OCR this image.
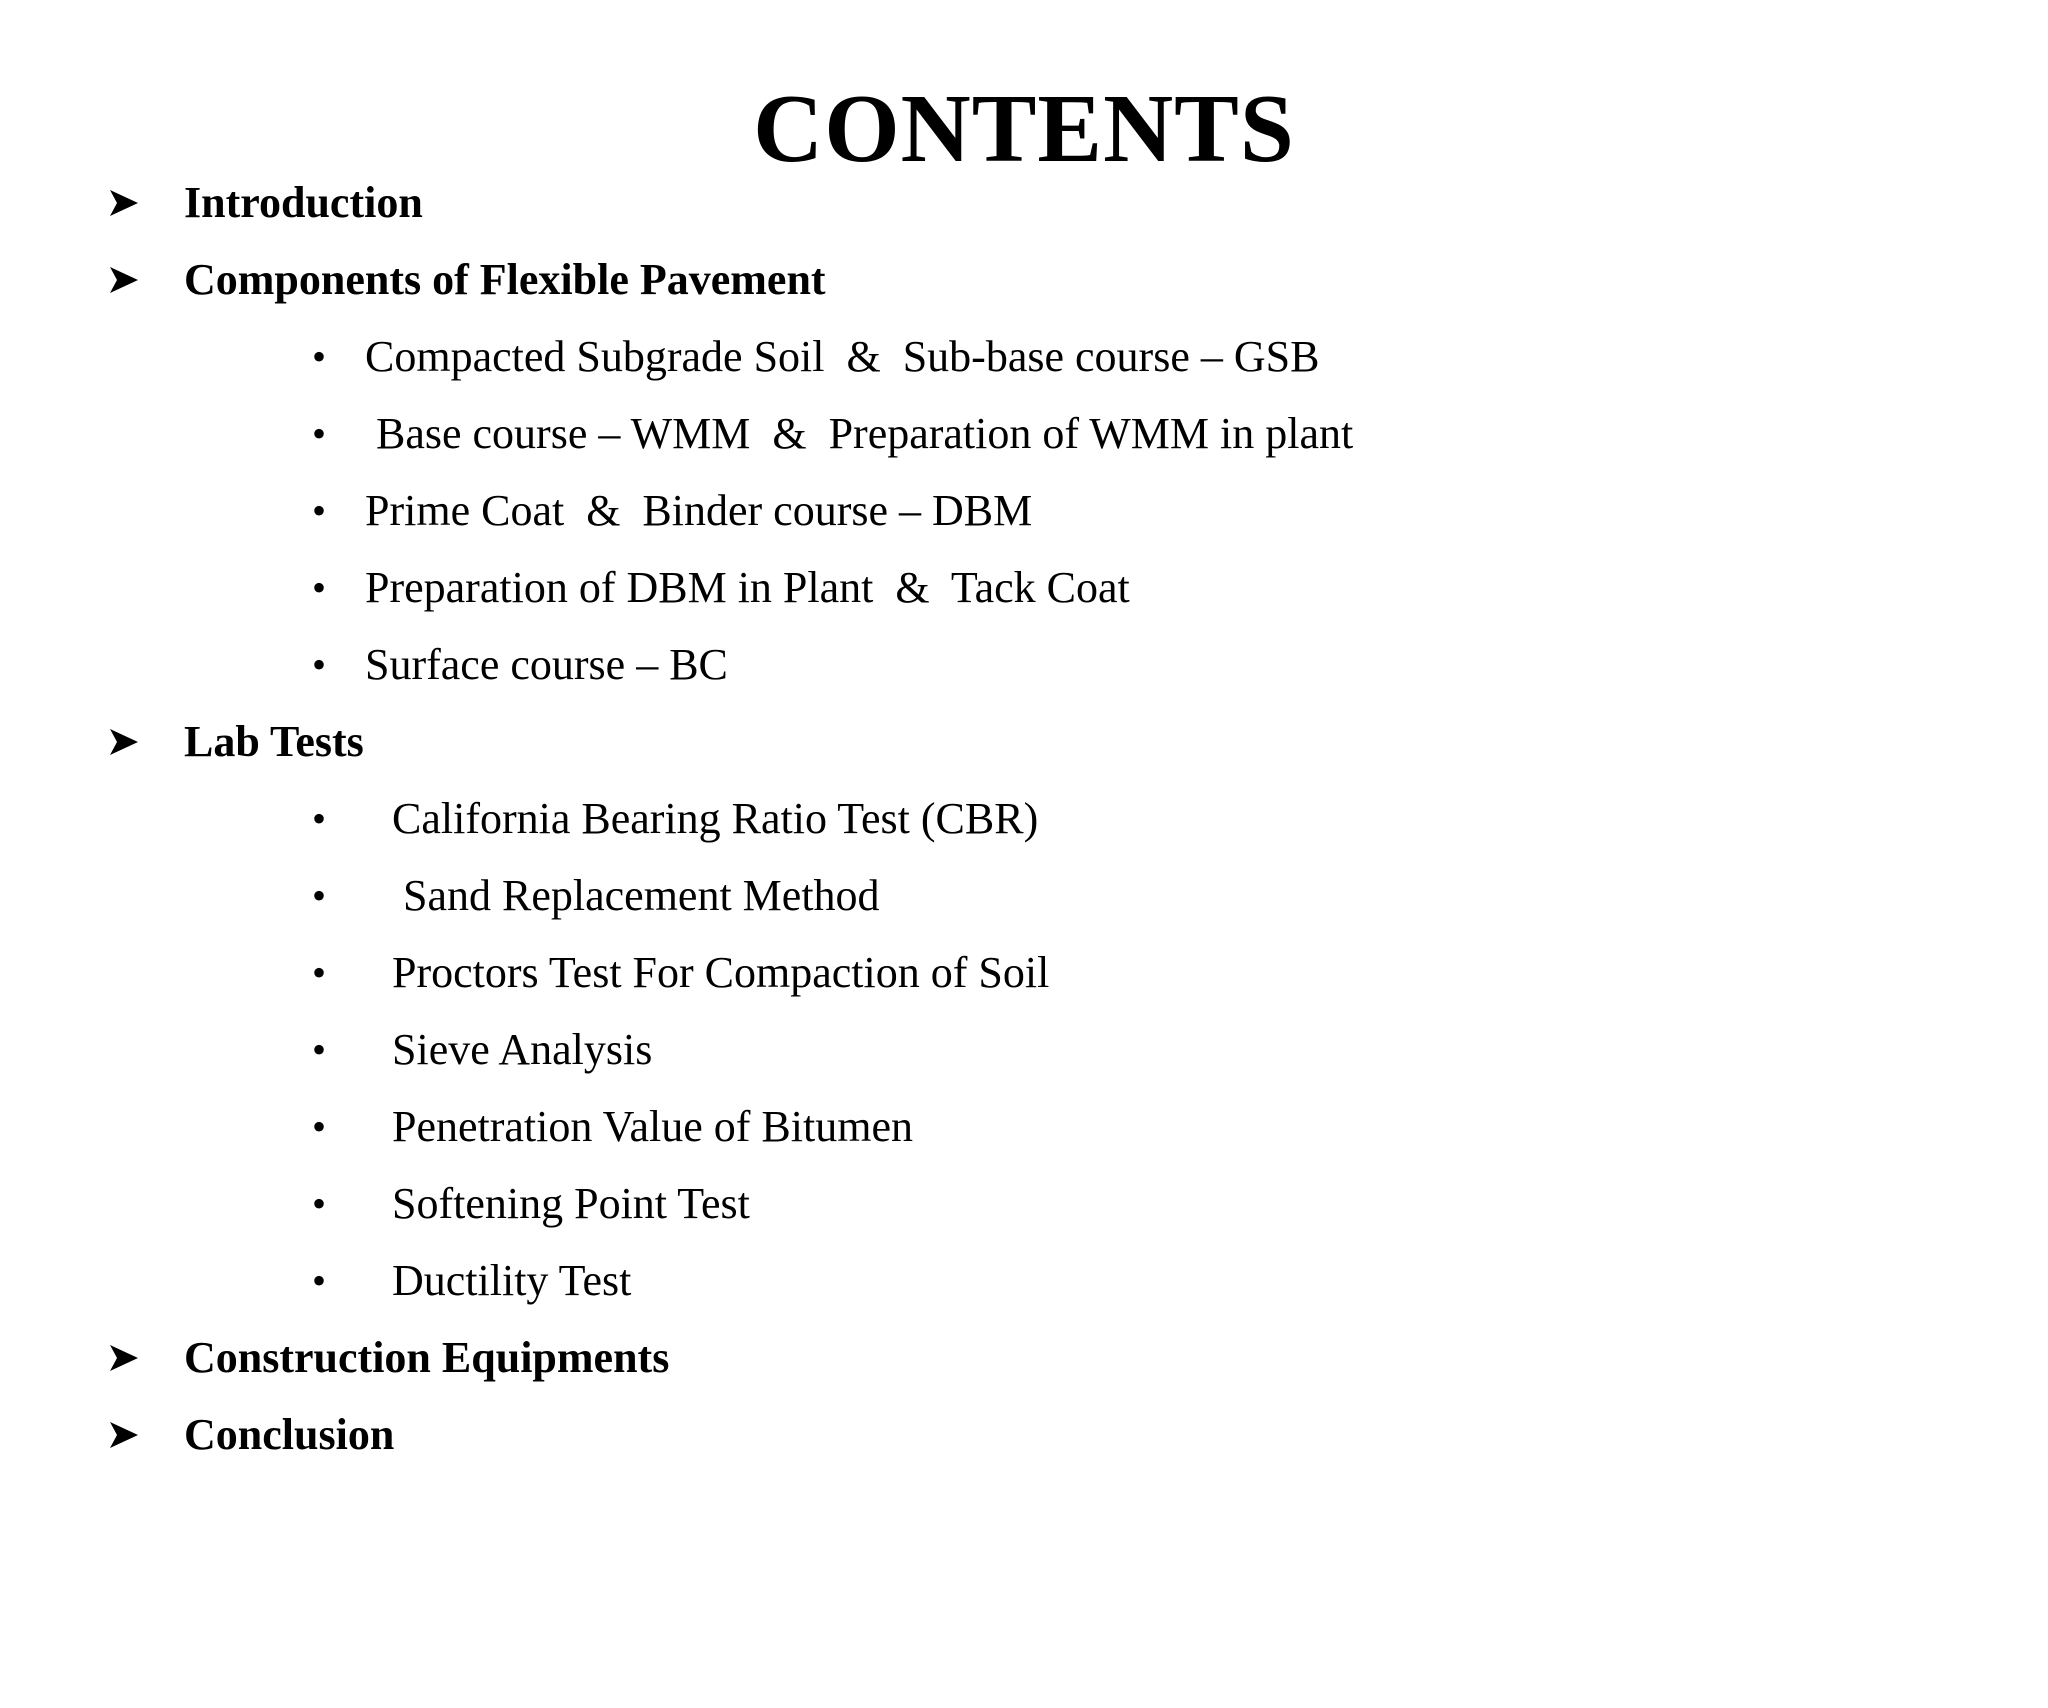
CONTENTS

Introduction

Components of Flexible Pavement

•

Compacted Subgrade Soil  &  Sub-base course – GSB

•

Base course – WMM  &  Preparation of WMM in plant

•

Prime Coat  &  Binder course – DBM

•

Preparation of DBM in Plant  &  Tack Coat

•

Surface course – BC

Lab Tests

•

California Bearing Ratio Test (CBR)

•

Sand Replacement Method

•

Proctors Test For Compaction of Soil

•

Sieve Analysis

•

Penetration Value of Bitumen

•

Softening Point Test

•

Ductility Test

Construction Equipments

Conclusion
